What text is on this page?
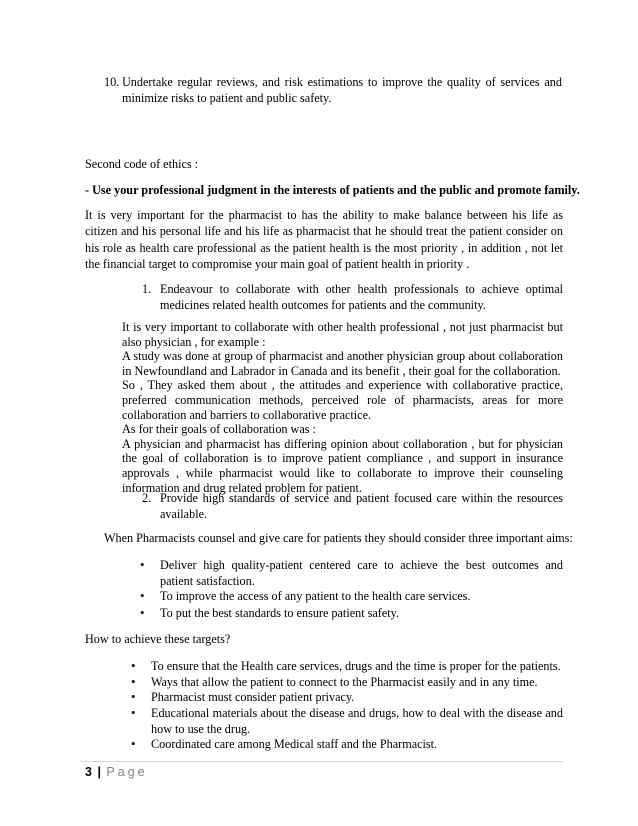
10. Undertake regular reviews, and risk estimations to improve the quality of services and minimize risks to patient and public safety.
Second code of ethics :
- Use your professional judgment in the interests of patients and the public and promote family.
It is very important for the pharmacist to has the ability to make balance between his life as citizen and his personal life and his life as pharmacist that he should treat the patient consider on his role as health care professional as the patient health is the most priority , in addition , not let the financial target to compromise your main goal of patient health in priority .
1. Endeavour to collaborate with other health professionals to achieve optimal medicines related health outcomes for patients and the community.
It is very important to collaborate with other health professional , not just pharmacist but also physician , for example :
A study was done at group of pharmacist and another physician group about collaboration in Newfoundland and Labrador in Canada and its benefit , their goal for the collaboration.
So , They asked them about , the attitudes and experience with collaborative practice, preferred communication methods, perceived role of pharmacists, areas for more collaboration and barriers to collaborative practice.
As for their goals of collaboration was :
A physician and pharmacist has differing opinion about collaboration , but for physician the goal of collaboration is to improve patient compliance , and support in insurance approvals , while pharmacist would like to collaborate to improve their counseling information and drug related problem for patient.
2. Provide high standards of service and patient focused care within the resources available.
When Pharmacists counsel and give care for patients they should consider three important aims:
• Deliver high quality-patient centered care to achieve the best outcomes and patient satisfaction.
• To improve the access of any patient to the health care services.
• To put the best standards to ensure patient safety.
How to achieve these targets?
• To ensure that the Health care services, drugs and the time is proper for the patients.
• Ways that allow the patient to connect to the Pharmacist easily and in any time.
• Pharmacist must consider patient privacy.
• Educational materials about the disease and drugs, how to deal with the disease and how to use the drug.
• Coordinated care among Medical staff and the Pharmacist.
3 | Page
